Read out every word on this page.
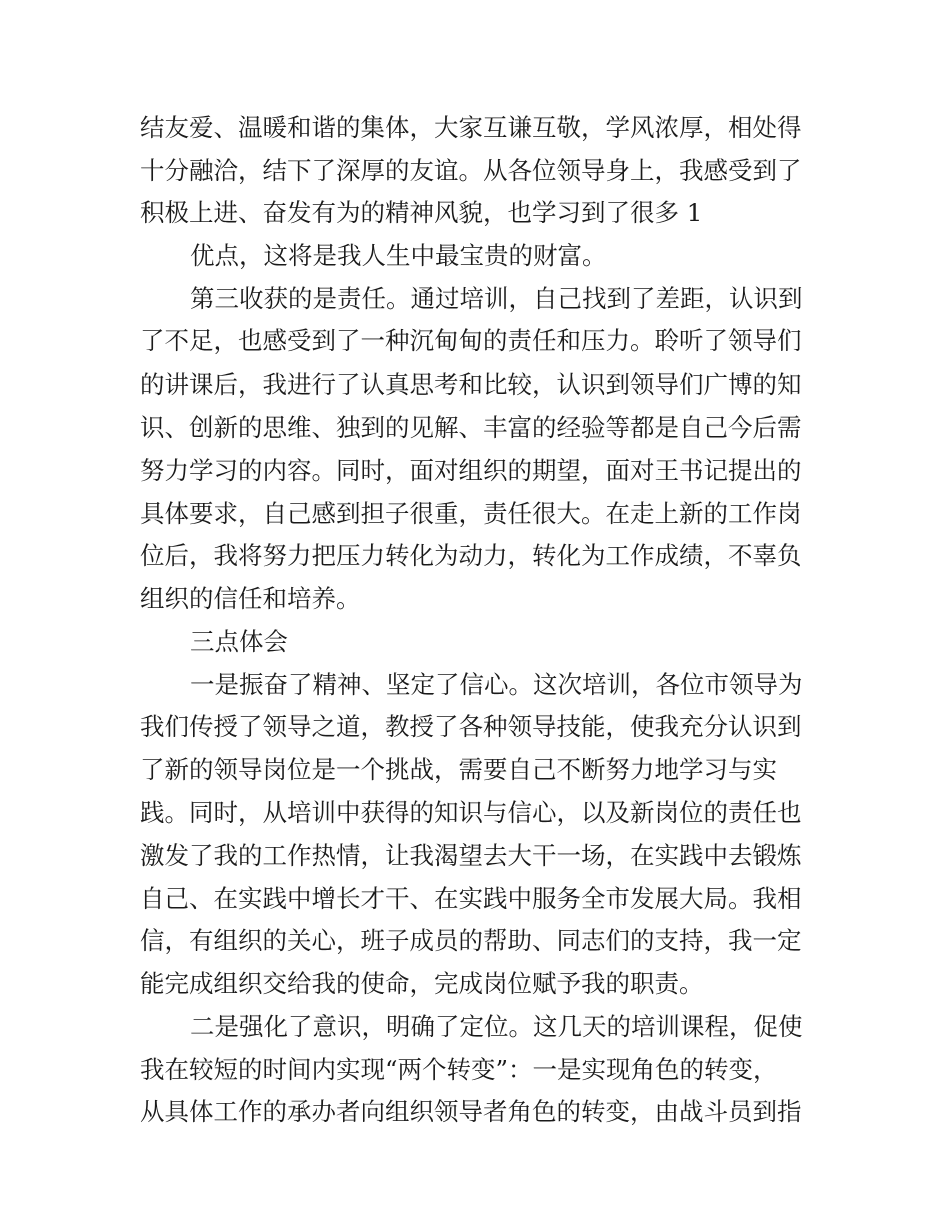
结友爱、温暖和谐的集体，大家互谦互敬，学风浓厚，相处得
十分融洽，结下了深厚的友谊。从各位领导身上，我感受到了
积极上进、奋发有为的精神风貌，也学习到了很多 1
优点，这将是我人生中最宝贵的财富。
第三收获的是责任。通过培训，自己找到了差距，认识到
了不足，也感受到了一种沉甸甸的责任和压力。聆听了领导们
的讲课后，我进行了认真思考和比较，认识到领导们广博的知
识、创新的思维、独到的见解、丰富的经验等都是自己今后需
努力学习的内容。同时，面对组织的期望，面对王书记提出的
具体要求，自己感到担子很重，责任很大。在走上新的工作岗
位后，我将努力把压力转化为动力，转化为工作成绩，不辜负
组织的信任和培养。
三点体会
一是振奋了精神、坚定了信心。这次培训，各位市领导为
我们传授了领导之道，教授了各种领导技能，使我充分认识到
了新的领导岗位是一个挑战，需要自己不断努力地学习与实
践。同时，从培训中获得的知识与信心，以及新岗位的责任也
激发了我的工作热情，让我渴望去大干一场，在实践中去锻炼
自己、在实践中增长才干、在实践中服务全市发展大局。我相
信，有组织的关心，班子成员的帮助、同志们的支持，我一定
能完成组织交给我的使命，完成岗位赋予我的职责。
二是强化了意识，明确了定位。这几天的培训课程，促使
我在较短的时间内实现“两个转变”：一是实现角色的转变，
从具体工作的承办者向组织领导者角色的转变，由战斗员到指
